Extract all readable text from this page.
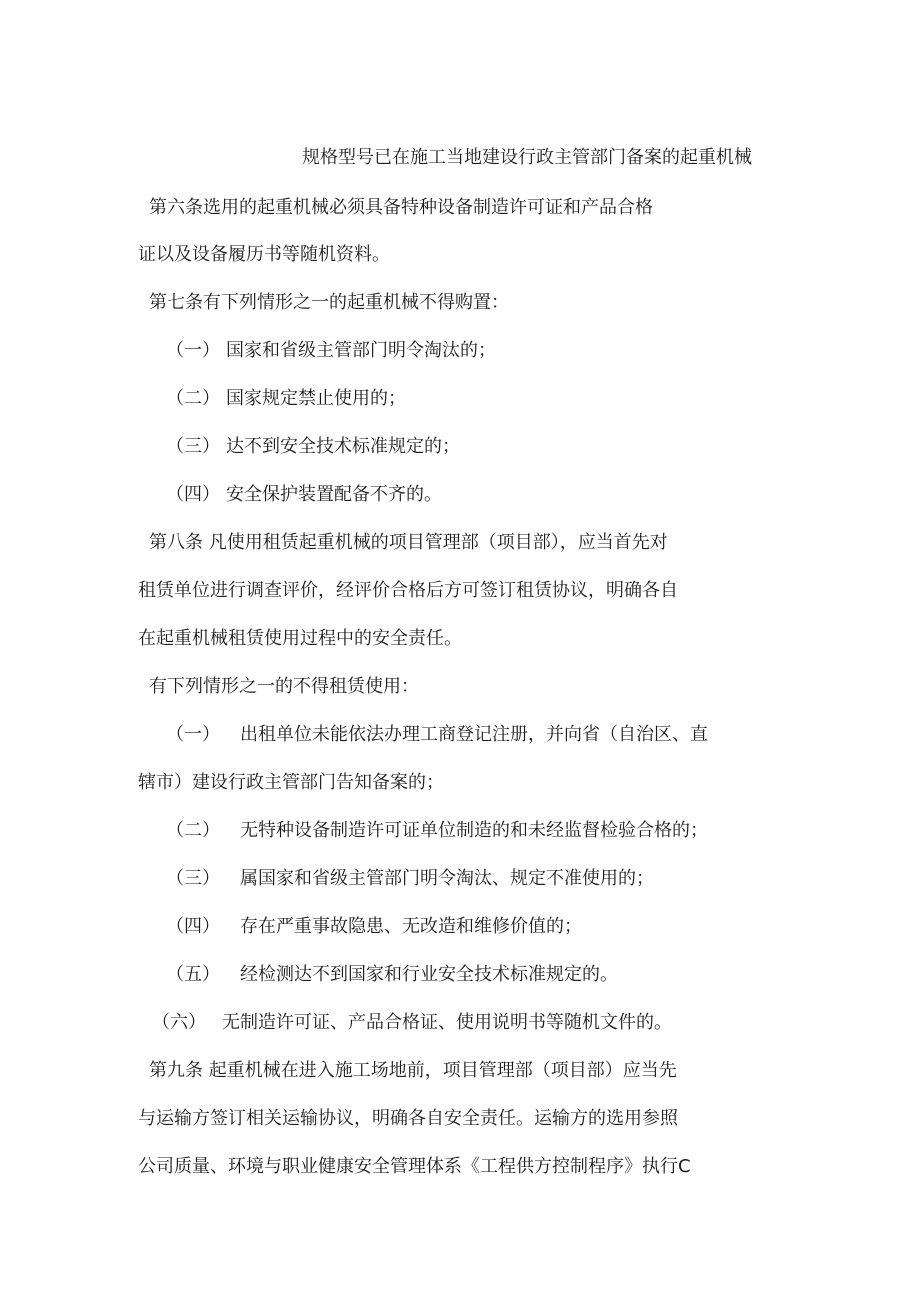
规格型号已在施工当地建设行政主管部门备案的起重机械
第六条选用的起重机械必须具备特种设备制造许可证和产品合格
证以及设备履历书等随机资料。
第七条有下列情形之一的起重机械不得购置：
（一） 国家和省级主管部门明令淘汰的；
（二） 国家规定禁止使用的；
（三） 达不到安全技术标准规定的；
（四） 安全保护装置配备不齐的。
第八条 凡使用租赁起重机械的项目管理部（项目部），应当首先对
租赁单位进行调查评价，经评价合格后方可签订租赁协议，明确各自
在起重机械租赁使用过程中的安全责任。
有下列情形之一的不得租赁使用：
（一） 出租单位未能依法办理工商登记注册，并向省（自治区、直
辖市）建设行政主管部门告知备案的；
（二） 无特种设备制造许可证单位制造的和未经监督检验合格的；
（三） 属国家和省级主管部门明令淘汰、规定不准使用的；
（四） 存在严重事故隐患、无改造和维修价值的；
（五） 经检测达不到国家和行业安全技术标准规定的。
（六） 无制造许可证、产品合格证、使用说明书等随机文件的。
第九条 起重机械在进入施工场地前，项目管理部（项目部）应当先
与运输方签订相关运输协议，明确各自安全责任。运输方的选用参照
公司质量、环境与职业健康安全管理体系《工程供方控制程序》执行C
